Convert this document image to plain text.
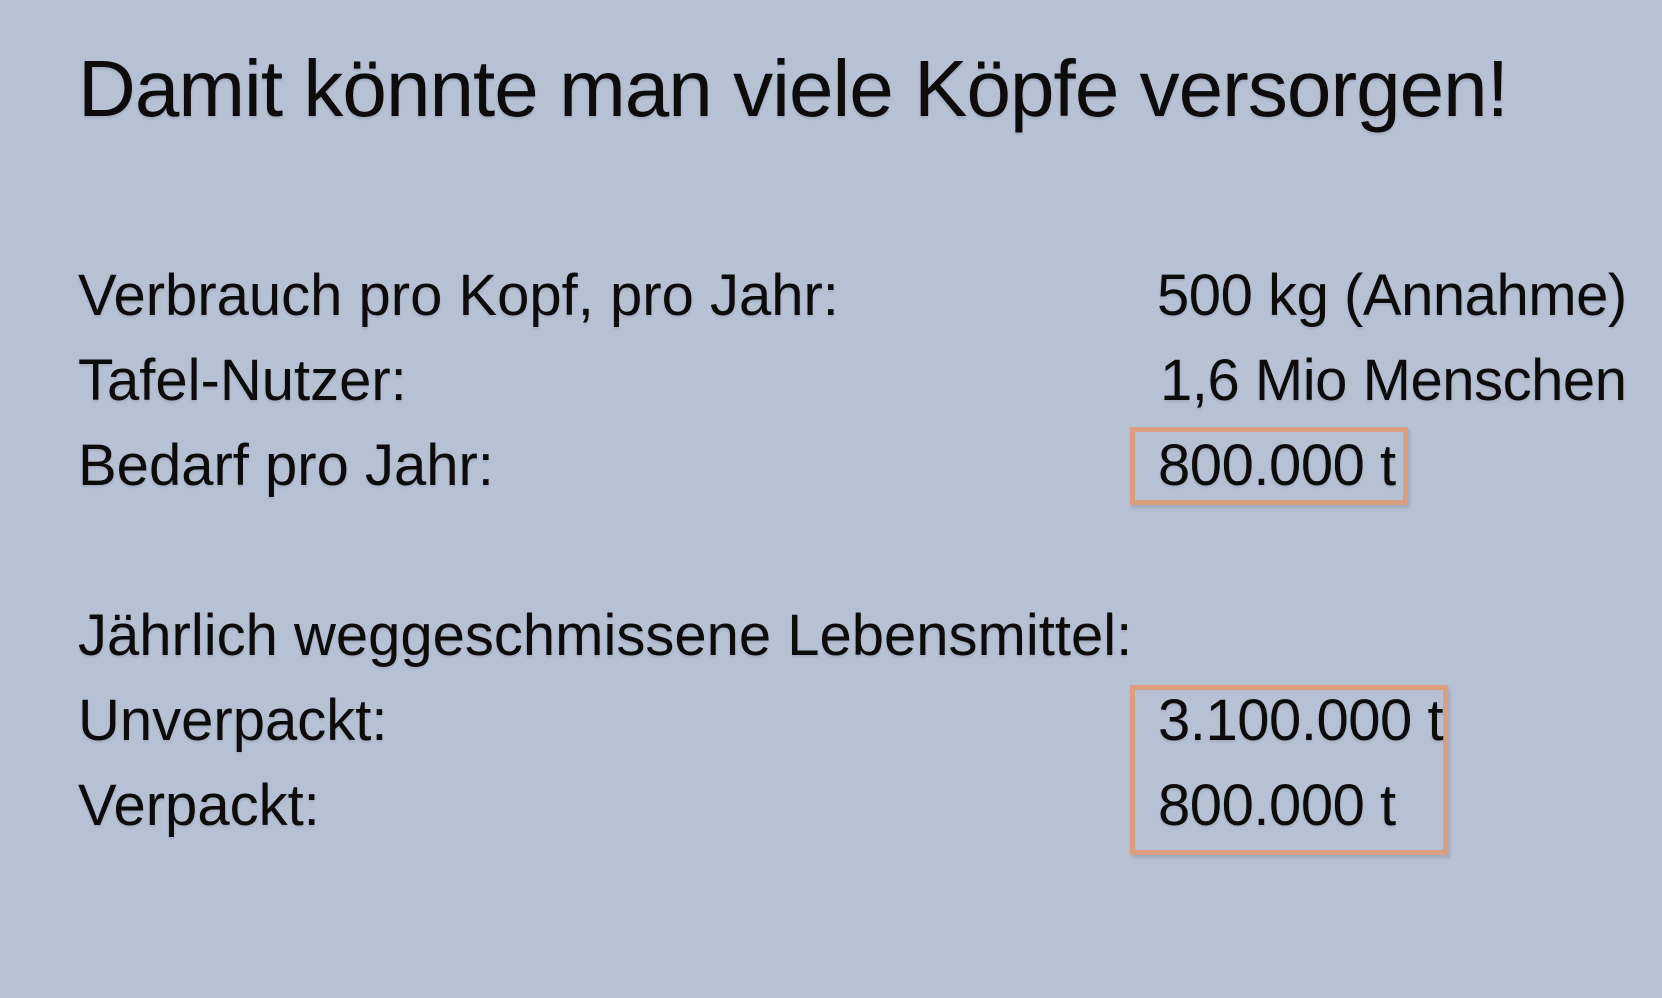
Damit könnte man viele Köpfe versorgen!
Verbrauch pro Kopf, pro Jahr:	500 kg (Annahme)
Tafel-Nutzer:	1,6 Mio Menschen
Bedarf pro Jahr:	800.000 t
Jährlich weggeschmissene Lebensmittel:
Unverpackt:	3.100.000 t
Verpackt:	800.000 t
